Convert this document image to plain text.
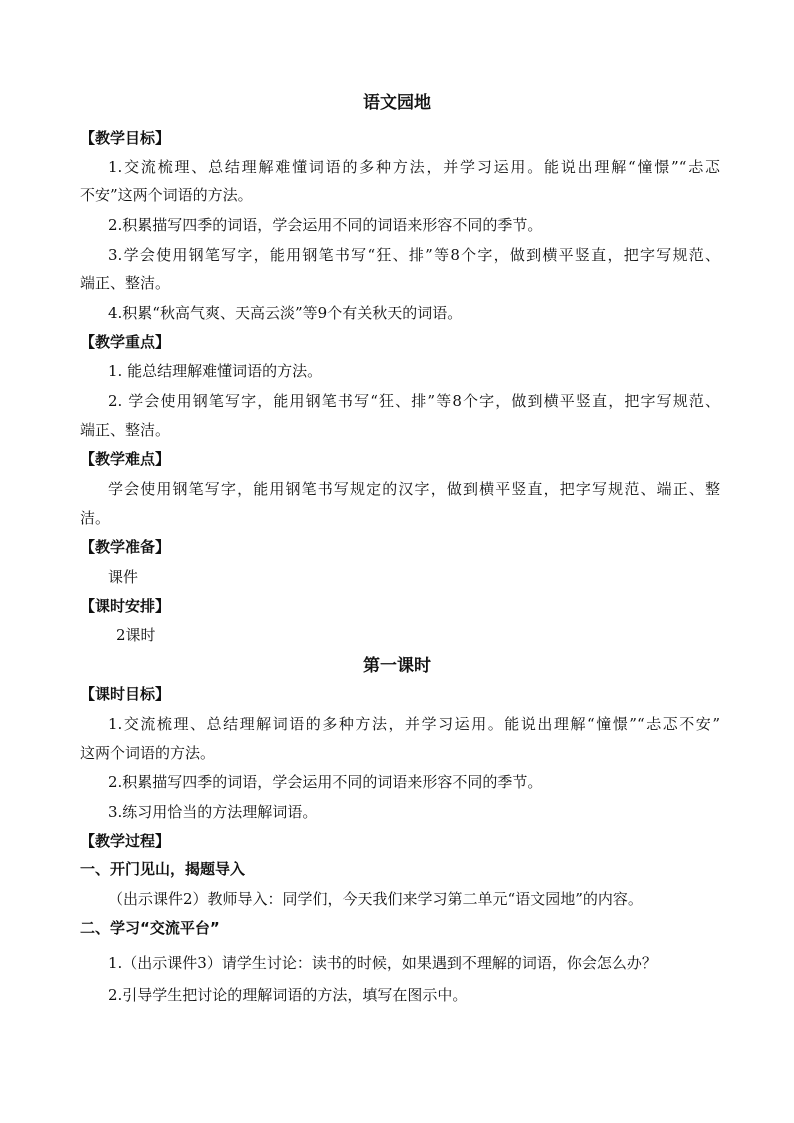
语文园地
【教学目标】
1.交流梳理、总结理解难懂词语的多种方法，并学习运用。能说出理解“憧憬”“忐忑
不安”这两个词语的方法。
2.积累描写四季的词语，学会运用不同的词语来形容不同的季节。
3.学会使用钢笔写字，能用钢笔书写“狂、排”等8个字，做到横平竖直，把字写规范、
端正、整洁。
4.积累“秋高气爽、天高云淡”等9个有关秋天的词语。
【教学重点】
1. 能总结理解难懂词语的方法。
2. 学会使用钢笔写字，能用钢笔书写“狂、排”等8个字，做到横平竖直，把字写规范、
端正、整洁。
【教学难点】
学会使用钢笔写字，能用钢笔书写规定的汉字，做到横平竖直，把字写规范、端正、整
洁。
【教学准备】
课件
【课时安排】
2课时
第一课时
【课时目标】
1.交流梳理、总结理解词语的多种方法，并学习运用。能说出理解“憧憬”“忐忑不安”
这两个词语的方法。
2.积累描写四季的词语，学会运用不同的词语来形容不同的季节。
3.练习用恰当的方法理解词语。
【教学过程】
一、开门见山，揭题导入
（出示课件2）教师导入：同学们，今天我们来学习第二单元“语文园地”的内容。
二、学习“交流平台”
1.（出示课件3）请学生讨论：读书的时候，如果遇到不理解的词语，你会怎么办？
2.引导学生把讨论的理解词语的方法，填写在图示中。
